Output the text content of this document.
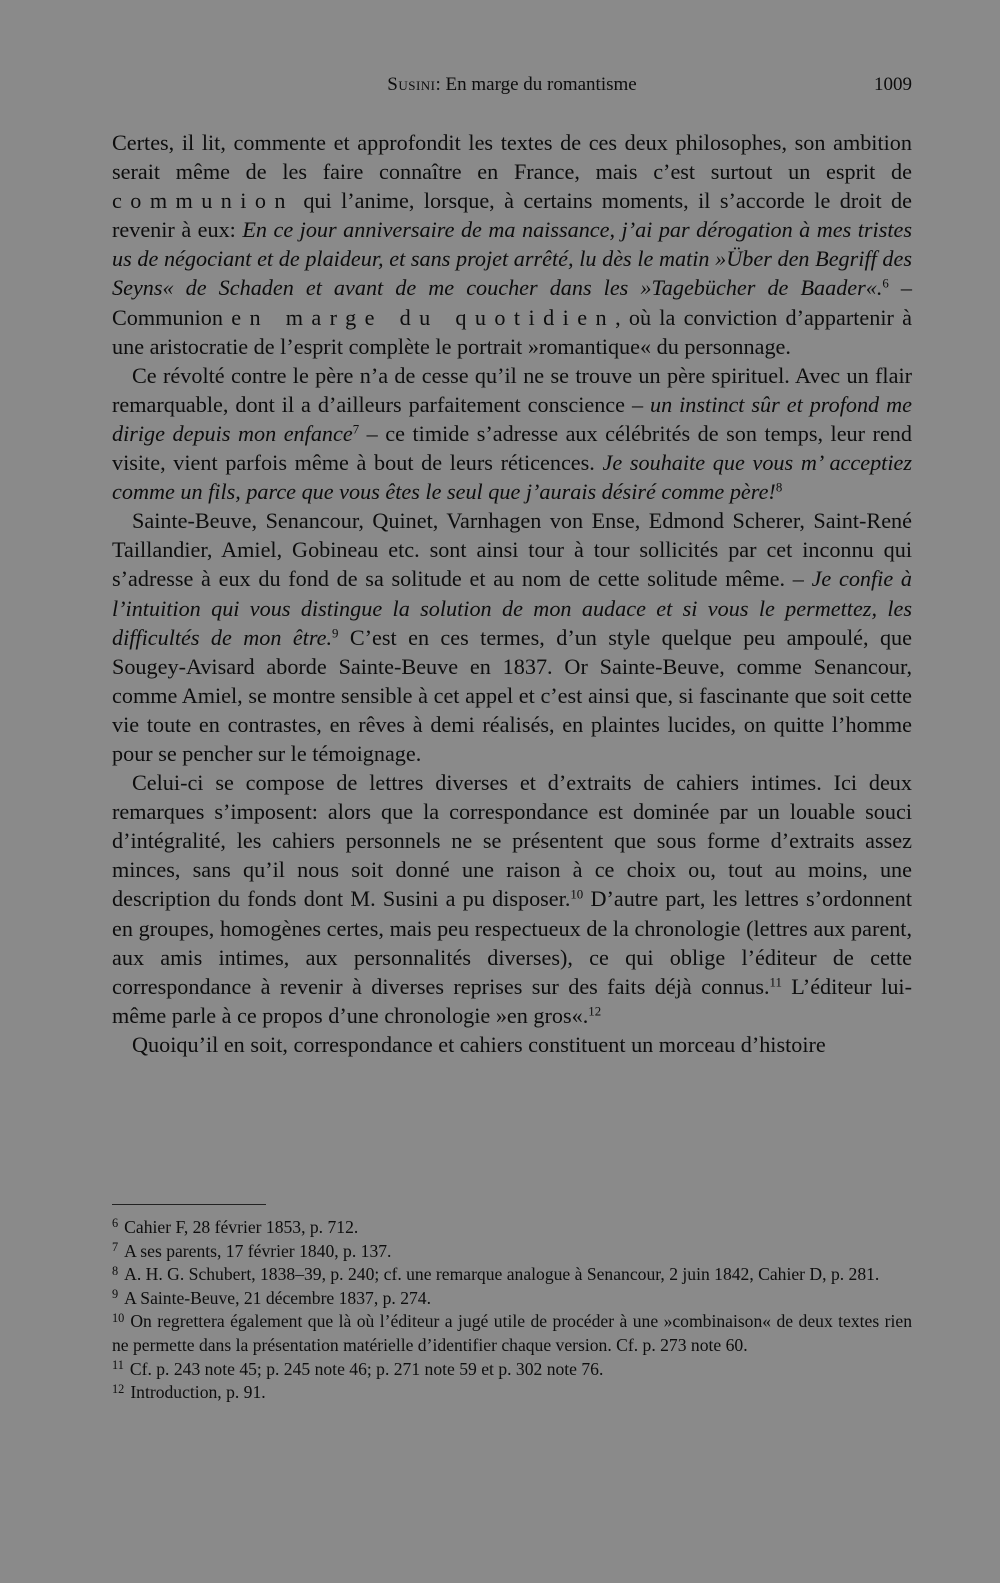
Susini: En marge du romantisme	1009

Certes, il lit, commente et approfondit les textes de ces deux philosophes, son ambition serait même de les faire connaître en France, mais c’est surtout un esprit de communion qui l’anime, lorsque, à certains moments, il s’accorde le droit de revenir à eux: En ce jour anniversaire de ma naissance, j’ai par dérogation à mes tristes us de négociant et de plaideur, et sans projet arrêté, lu dès le matin »Über den Begriff des Seyns« de Schaden et avant de me coucher dans les »Tagebücher de Baader«.$^6$ – Communion en marge du quotidien, où la conviction d’appartenir à une aristocratie de l’esprit complète le portrait »romantique« du personnage.

Ce révolté contre le père n’a de cesse qu’il ne se trouve un père spirituel. Avec un flair remarquable, dont il a d’ailleurs parfaitement conscience – un instinct sûr et profond me dirige depuis mon enfance$^7$ – ce timide s’adresse aux célébrités de son temps, leur rend visite, vient parfois même à bout de leurs réticences. Je souhaite que vous m’ acceptiez comme un fils, parce que vous êtes le seul que j’aurais désiré comme père!$^8$

Sainte-Beuve, Senancour, Quinet, Varnhagen von Ense, Edmond Scherer, Saint-René Taillandier, Amiel, Gobineau etc. sont ainsi tour à tour sollicités par cet inconnu qui s’adresse à eux du fond de sa solitude et au nom de cette solitude même. – Je confie à l’intuition qui vous distingue la solution de mon audace et si vous le permettez, les difficultés de mon être.$^9$ C’est en ces termes, d’un style quelque peu ampoulé, que Sougey-Avisard aborde Sainte-Beuve en 1837. Or Sainte-Beuve, comme Senancour, comme Amiel, se montre sensible à cet appel et c’est ainsi que, si fascinante que soit cette vie toute en contrastes, en rêves à demi réalisés, en plaintes lucides, on quitte l’homme pour se pencher sur le témoignage.

Celui-ci se compose de lettres diverses et d’extraits de cahiers intimes. Ici deux remarques s’imposent: alors que la correspondance est dominée par un louable souci d’intégralité, les cahiers personnels ne se présentent que sous forme d’extraits assez minces, sans qu’il nous soit donné une raison à ce choix ou, tout au moins, une description du fonds dont M. Susini a pu disposer.$^{10}$ D’autre part, les lettres s’ordonnent en groupes, homogènes certes, mais peu respectueux de la chronologie (lettres aux parent, aux amis intimes, aux personnalités diverses), ce qui oblige l’éditeur de cette correspondance à revenir à diverses reprises sur des faits déjà connus.$^{11}$ L’éditeur lui-même parle à ce propos d’une chronologie »en gros«.$^{12}$

Quoiqu’il en soit, correspondance et cahiers constituent un morceau d’histoire

$^6$ Cahier F, 28 février 1853, p. 712.

$^7$ A ses parents, 17 février 1840, p. 137.

$^8$ A. H. G. Schubert, 1838–39, p. 240; cf. une remarque analogue à Senancour, 2 juin 1842, Cahier D, p. 281.

$^9$ A Sainte-Beuve, 21 décembre 1837, p. 274.

$^{10}$ On regrettera également que là où l’éditeur a jugé utile de procéder à une »combinaison« de deux textes rien ne permette dans la présentation matérielle d’identifier chaque version. Cf. p. 273 note 60.

$^{11}$ Cf. p. 243 note 45; p. 245 note 46; p. 271 note 59 et p. 302 note 76.

$^{12}$ Introduction, p. 91.
